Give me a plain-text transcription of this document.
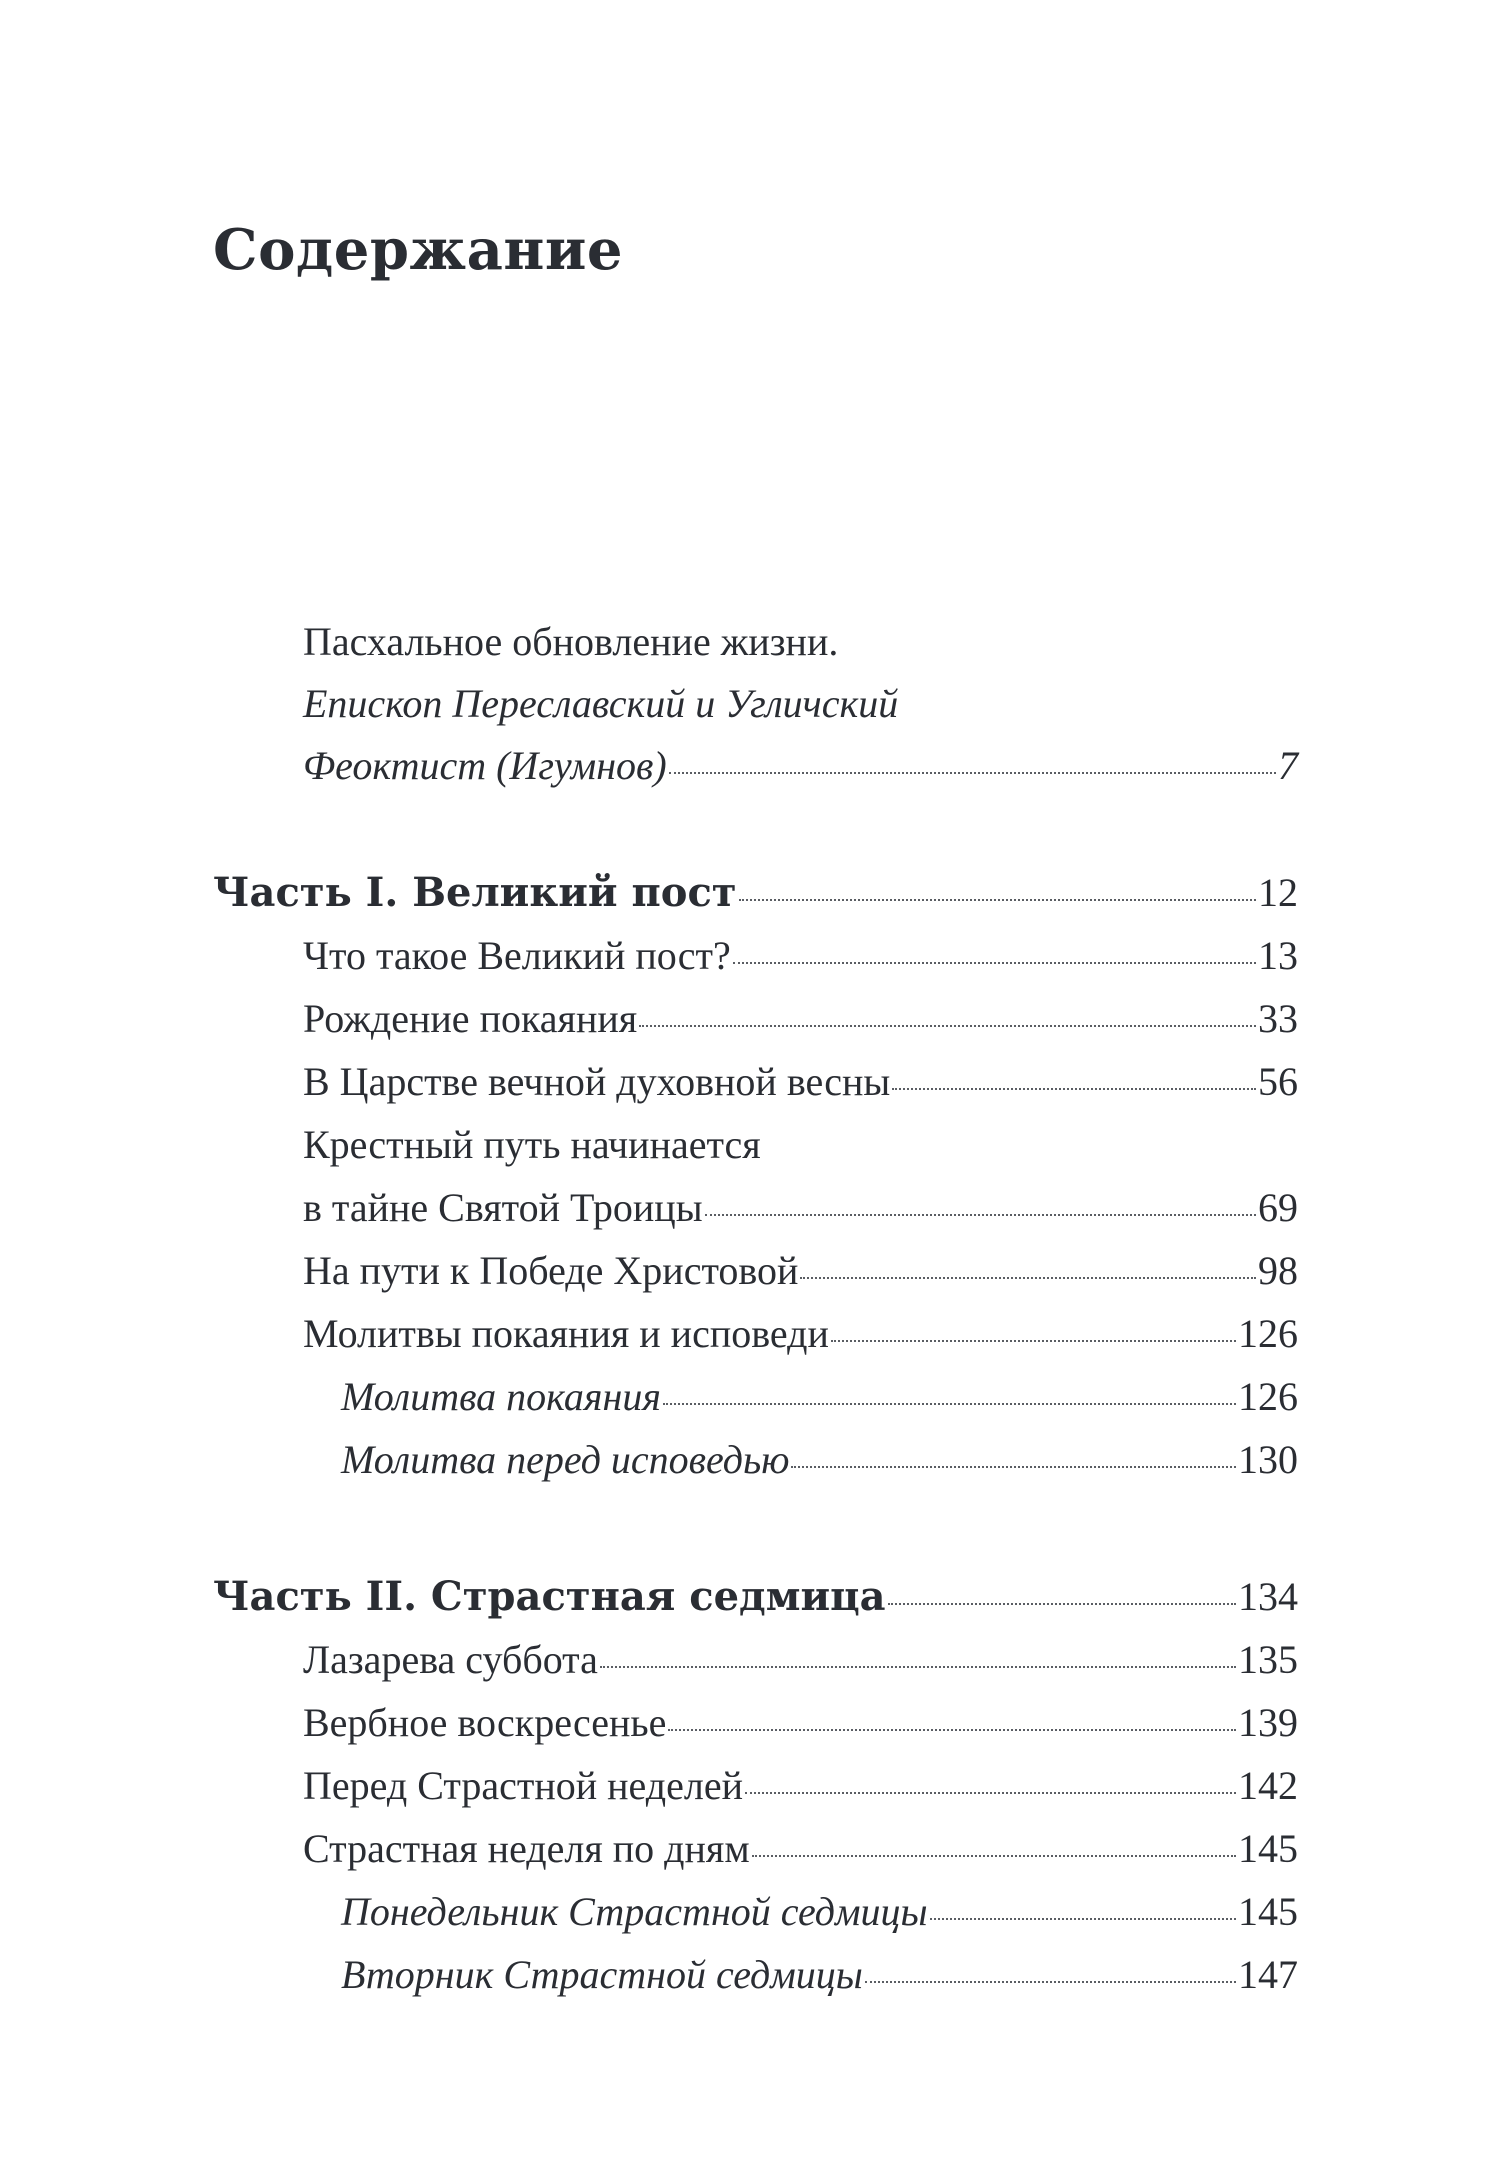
Содержание
Пасхальное обновление жизни.
Епископ Переславский и Угличский
Феоктист (Игумнов)	7
Часть I. Великий пост	12
Что такое Великий пост?	13
Рождение покаяния	33
В Царстве вечной духовной весны	56
Крестный путь начинается
в тайне Святой Троицы	69
На пути к Победе Христовой	98
Молитвы покаяния и исповеди	126
Молитва покаяния	126
Молитва перед исповедью	130
Часть II. Страстная седмица	134
Лазарева суббота	135
Вербное воскресенье	139
Перед Страстной неделей	142
Страстная неделя по дням	145
Понедельник Страстной седмицы	145
Вторник Страстной седмицы	147
